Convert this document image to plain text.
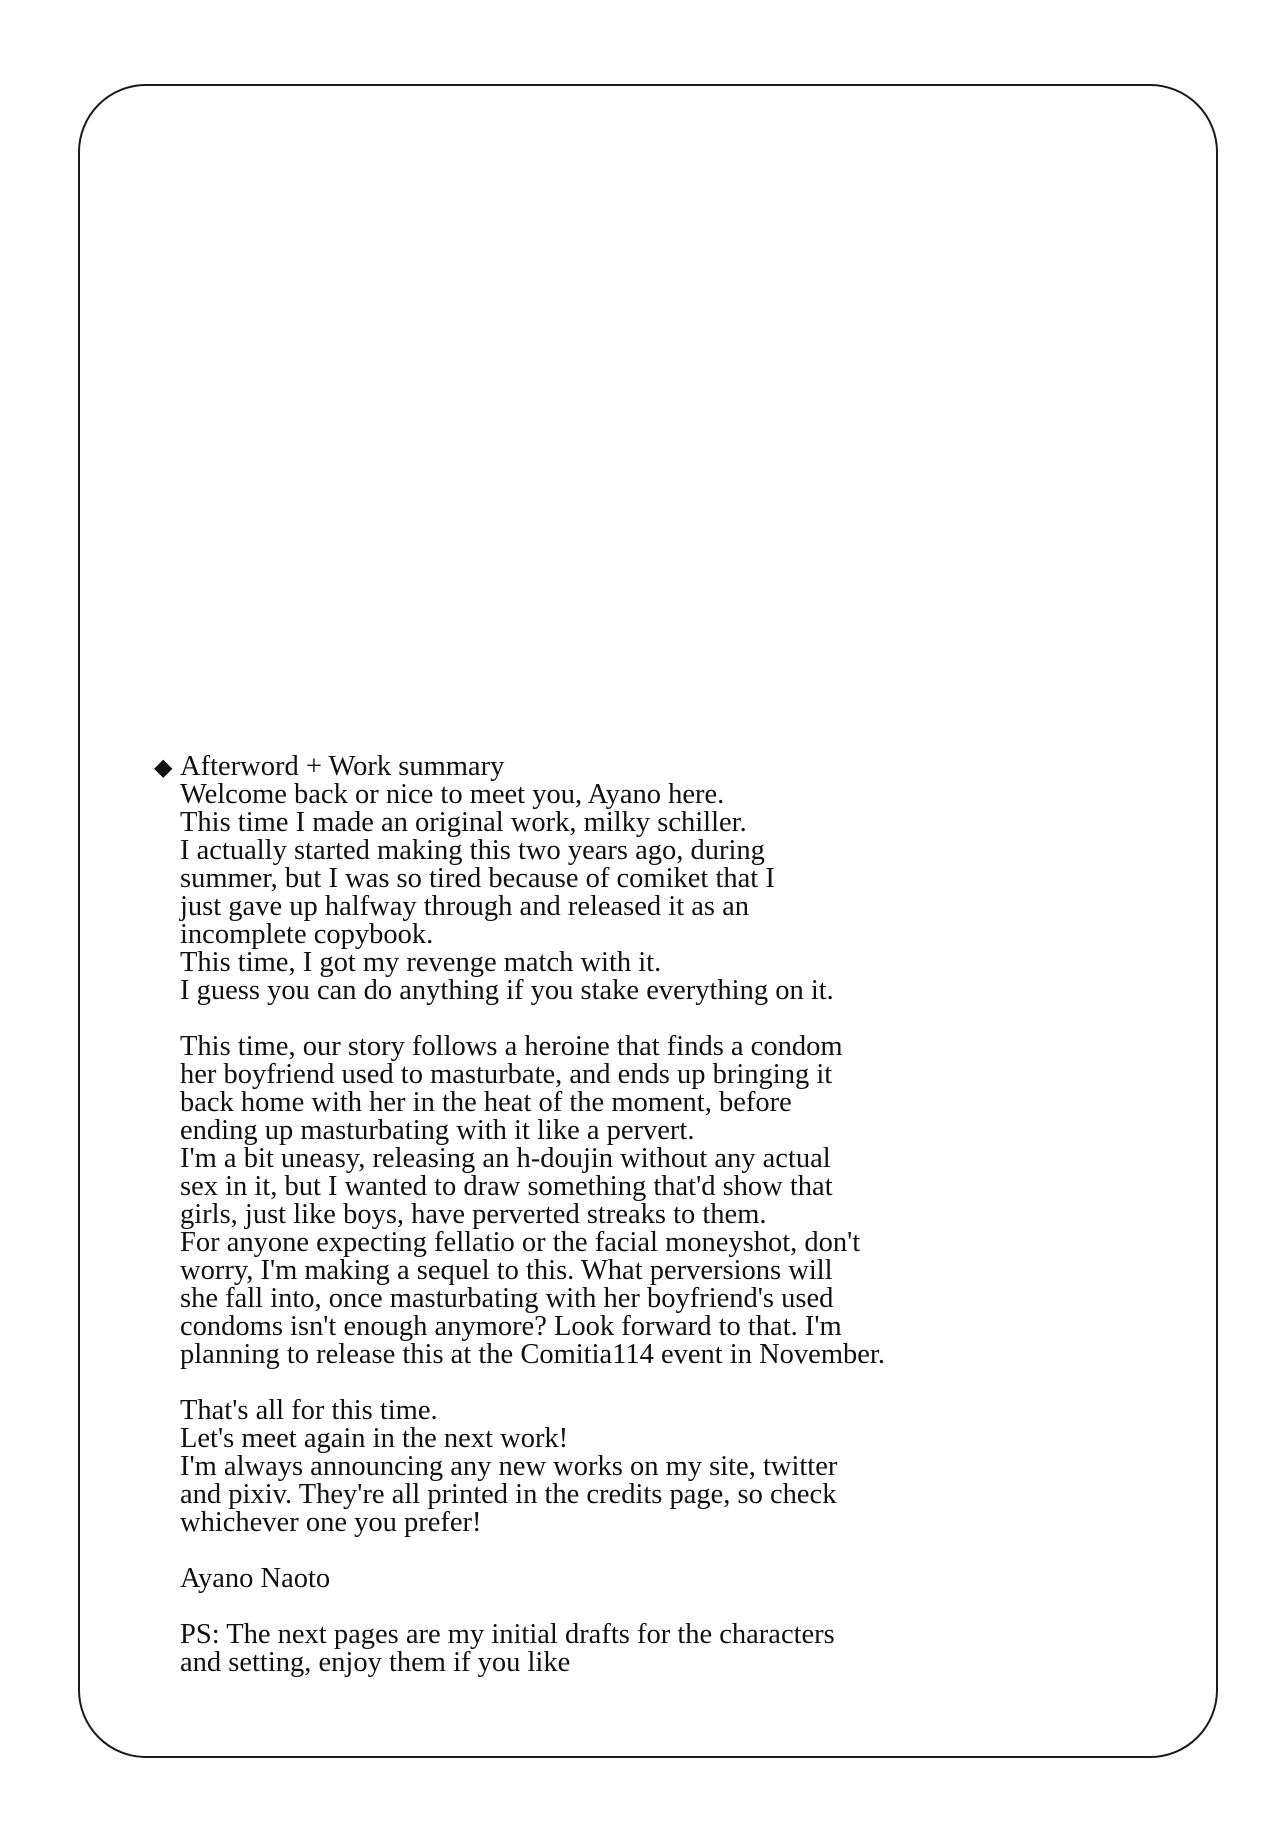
◆ Afterword + Work summary
Welcome back or nice to meet you, Ayano here.
This time I made an original work, milky schiller.
I actually started making this two years ago, during
summer, but I was so tired because of comiket that I
just gave up halfway through and released it as an
incomplete copybook.
This time, I got my revenge match with it.
I guess you can do anything if you stake everything on it.
This time, our story follows a heroine that finds a condom
her boyfriend used to masturbate, and ends up bringing it
back home with her in the heat of the moment, before
ending up masturbating with it like a pervert.
I'm a bit uneasy, releasing an h-doujin without any actual
sex in it, but I wanted to draw something that'd show that
girls, just like boys, have perverted streaks to them.
For anyone expecting fellatio or the facial moneyshot, don't
worry, I'm making a sequel to this. What perversions will
she fall into, once masturbating with her boyfriend's used
condoms isn't enough anymore? Look forward to that. I'm
planning to release this at the Comitia114 event in November.
That's all for this time.
Let's meet again in the next work!
I'm always announcing any new works on my site, twitter
and pixiv. They're all printed in the credits page, so check
whichever one you prefer!
Ayano Naoto
PS: The next pages are my initial drafts for the characters
and setting, enjoy them if you like
